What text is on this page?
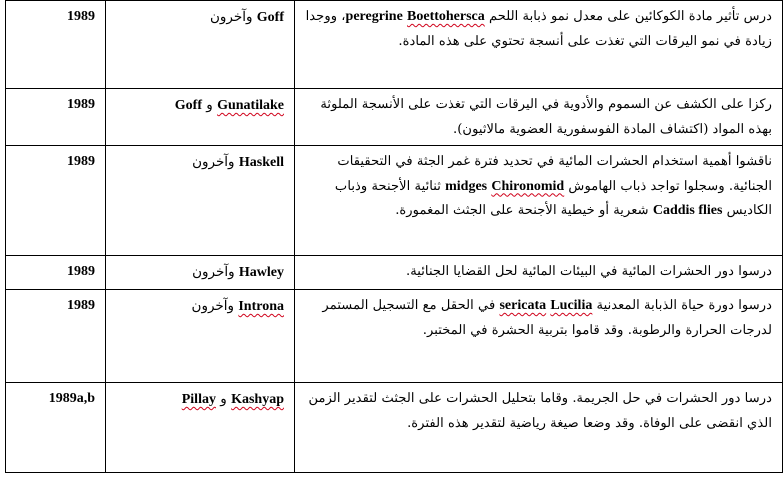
1989	Goff وآخرون	درس تأثير مادة الكوكائين على معدل نمو ذبابة اللحم Boettohersca peregrine، ووجدا زيادة في نمو اليرقات التي تغذت على أنسجة تحتوي على هذه المادة.
1989	Gunatilake و Goff	ركزا على الكشف عن السموم والأدوية في اليرقات التي تغذت على الأنسجة الملوثة بهذه المواد (اكتشاف المادة الفوسفورية العضوية مالاثيون).
1989	Haskell وآخرون	ناقشوا أهمية استخدام الحشرات المائية في تحديد فترة غمر الجثة في التحقيقات الجنائية. وسجلوا تواجد ذباب الهاموش Chironomid midges ثنائية الأجنحة وذباب الكاديس Caddis flies شعرية أو خيطية الأجنحة على الجثث المغمورة.
1989	Hawley وآخرون	درسوا دور الحشرات المائية في البيئات المائية لحل القضايا الجنائية.
1989	Introna وآخرون	درسوا دورة حياة الذبابة المعدنية Lucilia sericata في الحقل مع التسجيل المستمر لدرجات الحرارة والرطوبة. وقد قاموا بتربية الحشرة في المختبر.
1989a,b	Kashyap و Pillay	درسا دور الحشرات في حل الجريمة. وقاما بتحليل الحشرات على الجثث لتقدير الزمن الذي انقضى على الوفاة. وقد وضعا صيغة رياضية لتقدير هذه الفترة.
